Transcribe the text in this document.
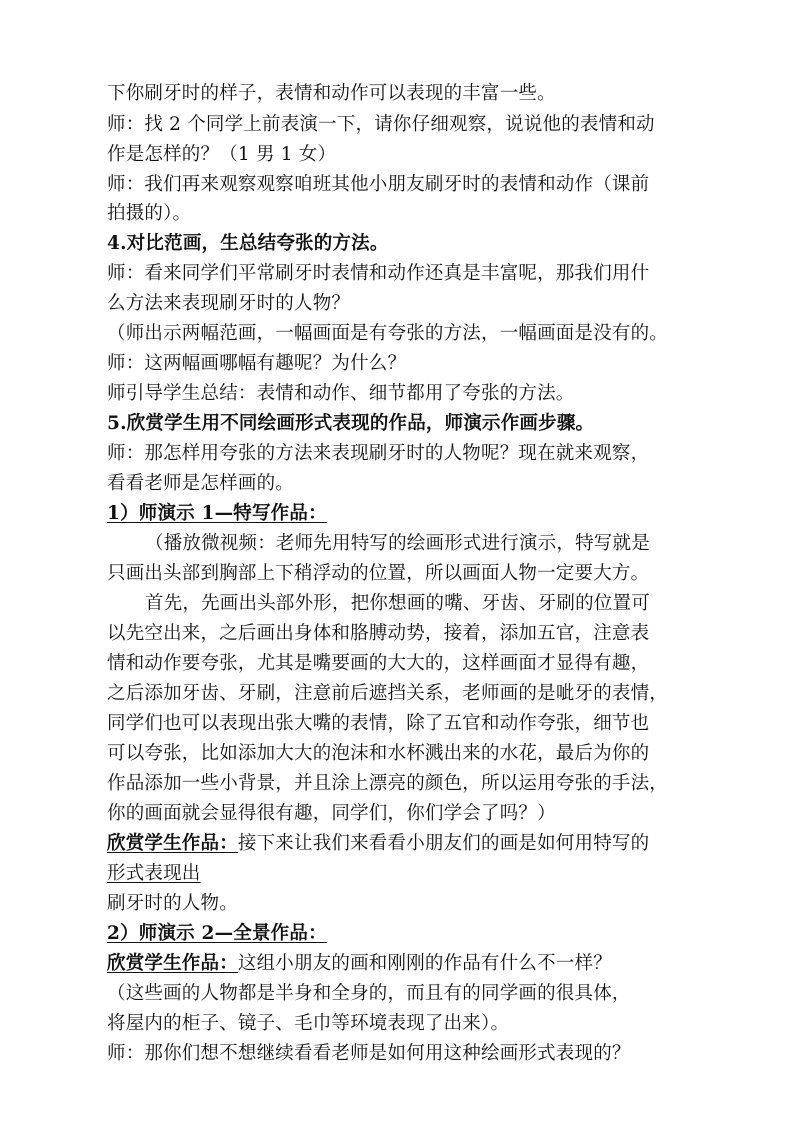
下你刷牙时的样子，表情和动作可以表现的丰富一些。
师：找 2 个同学上前表演一下，请你仔细观察，说说他的表情和动
作是怎样的？（1 男 1 女）
师：我们再来观察观察咱班其他小朋友刷牙时的表情和动作（课前
拍摄的）。
4.对比范画，生总结夸张的方法。
师：看来同学们平常刷牙时表情和动作还真是丰富呢，那我们用什
么方法来表现刷牙时的人物？
（师出示两幅范画，一幅画面是有夸张的方法，一幅画面是没有的。
师：这两幅画哪幅有趣呢？为什么？
师引导学生总结：表情和动作、细节都用了夸张的方法。
5.欣赏学生用不同绘画形式表现的作品，师演示作画步骤。
师：那怎样用夸张的方法来表现刷牙时的人物呢？现在就来观察，
看看老师是怎样画的。
1）师演示 1—特写作品：
（播放微视频：老师先用特写的绘画形式进行演示，特写就是
只画出头部到胸部上下稍浮动的位置，所以画面人物一定要大方。
首先，先画出头部外形，把你想画的嘴、牙齿、牙刷的位置可
以先空出来，之后画出身体和胳膊动势，接着，添加五官，注意表
情和动作要夸张，尤其是嘴要画的大大的，这样画面才显得有趣，
之后添加牙齿、牙刷，注意前后遮挡关系，老师画的是呲牙的表情，
同学们也可以表现出张大嘴的表情，除了五官和动作夸张，细节也
可以夸张，比如添加大大的泡沫和水杯溅出来的水花，最后为你的
作品添加一些小背景，并且涂上漂亮的颜色，所以运用夸张的手法，
你的画面就会显得很有趣，同学们，你们学会了吗？）
欣赏学生作品：接下来让我们来看看小朋友们的画是如何用特写的
形式表现出
刷牙时的人物。
2）师演示 2—全景作品：
欣赏学生作品：这组小朋友的画和刚刚的作品有什么不一样？
（这些画的人物都是半身和全身的，而且有的同学画的很具体，
将屋内的柜子、镜子、毛巾等环境表现了出来）。
师：那你们想不想继续看看老师是如何用这种绘画形式表现的？
